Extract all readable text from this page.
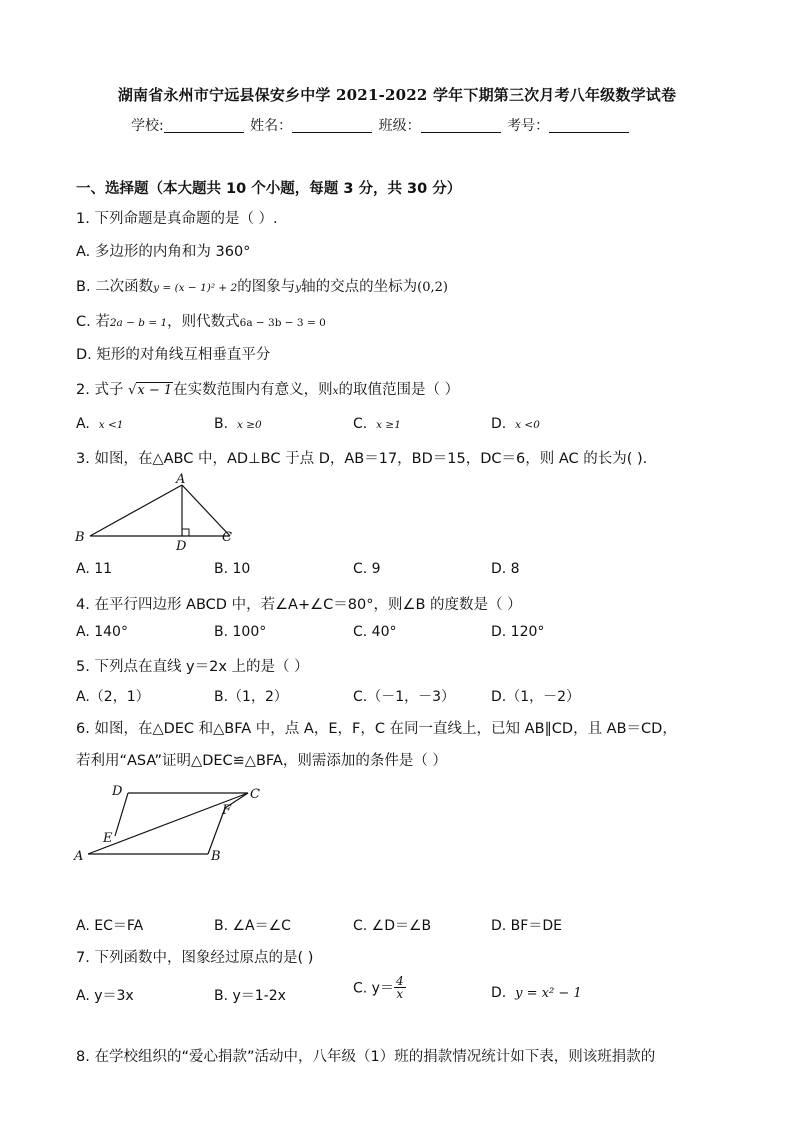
湖南省永州市宁远县保安乡中学 2021-2022 学年下期第三次月考八年级数学试卷
学校:	姓名：	班级：	考号：
一、选择题（本大题共 10 个小题，每题 3 分，共 30 分）
1. 下列命题是真命题的是（ ）.
A. 多边形的内角和为 360°
B. 二次函数y = (x − 1)² + 2的图象与y轴的交点的坐标为(0,2)
C. 若2a − b = 1，则代数式6a − 3b − 3 = 0
D. 矩形的对角线互相垂直平分
2. 式子 √x − 1在实数范围内有意义，则x的取值范围是（ ）
A. x <1	B. x ≥0	C. x ≥1	D. x <0
3. 如图，在△ABC 中，AD⊥BC 于点 D，AB＝17，BD＝15，DC＝6，则 AC 的长为( ).
A
B	C
D
A. 11	B. 10	C. 9	D. 8
4. 在平行四边形 ABCD 中，若∠A+∠C＝80°，则∠B 的度数是（ ）
A. 140°	B. 100°	C. 40°	D. 120°
5. 下列点在直线 y＝2x 上的是（ ）
A.（2，1）	B.（1，2）	C.（－1，－3）	D.（1，－2）
6. 如图，在△DEC 和△BFA 中，点 A，E，F，C 在同一直线上，已知 AB∥CD，且 AB＝CD，
若利用“ASA”证明△DEC≌△BFA，则需添加的条件是（ ）
D	C
F
E
A	B
A. EC＝FA	B. ∠A＝∠C	C. ∠D＝∠B	D. BF＝DE
7. 下列函数中，图象经过原点的是( )
A. y＝3x	B. y＝1-2x	C. $y= \frac{4}{x}$	D. y = x² − 1
8. 在学校组织的“爱心捐款”活动中，八年级（1）班的捐款情况统计如下表，则该班捐款的
